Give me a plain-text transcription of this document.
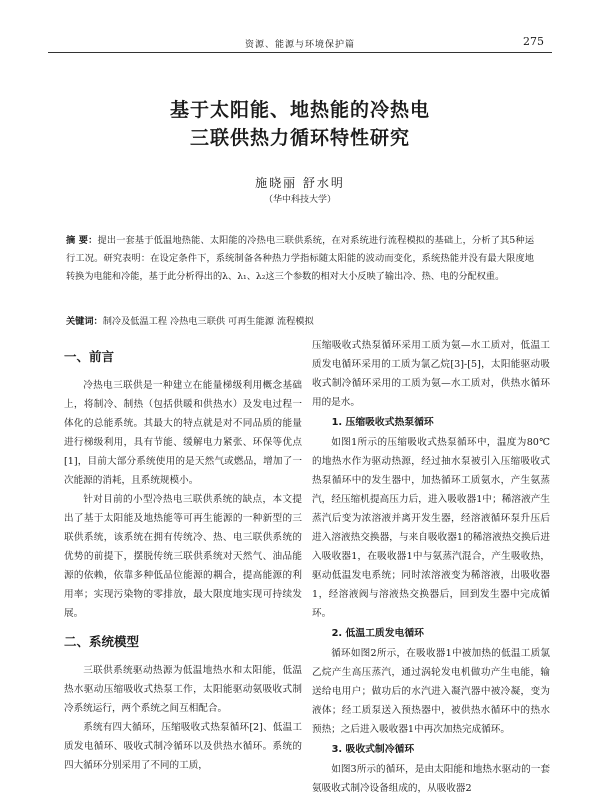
资源、能源与环境保护篇	275
基于太阳能、地热能的冷热电
三联供热力循环特性研究
施晓丽 舒水明
（华中科技大学）
摘 要：提出一套基于低温地热能、太阳能的冷热电三联供系统，在对系统进行流程模拟的基础上，分析了其5种运行工况。研究表明：在设定条件下，系统制备各种热力学指标随太阳能的波动而变化，系统热能并没有最大限度地转换为电能和冷能，基于此分析得出的λ、λ₁、λ₂这三个参数的相对大小反映了输出冷、热、电的分配权重。
关键词：制冷及低温工程 冷热电三联供 可再生能源 流程模拟
一、前言

冷热电三联供是一种建立在能量梯级利用概念基础上，将制冷、制热（包括供暖和供热水）及发电过程一体化的总能系统。其最大的特点就是对不同品质的能量进行梯级利用，具有节能、缓解电力紧张、环保等优点[1]，目前大部分系统使用的是天然气或燃品，增加了一次能源的消耗，且系统规模小。

针对目前的小型冷热电三联供系统的缺点，本文提出了基于太阳能及地热能等可再生能源的一种新型的三联供系统，该系统在拥有传统冷、热、电三联供系统的优势的前提下，摆脱传统三联供系统对天然气、油品能源的依赖，依靠多种低品位能源的耦合，提高能源的利用率；实现污染物的零排放，最大限度地实现可持续发展。

二、系统模型

三联供系统驱动热源为低温地热水和太阳能，低温热水驱动压缩吸收式热泵工作，太阳能驱动氨吸收式制冷系统运行，两个系统之间互相配合。

系统有四大循环，压缩吸收式热泵循环[2]、低温工质发电循环、吸收式制冷循环以及供热水循环。系统的四大循环分别采用了不同的工质，

压缩吸收式热泵循环采用工质为氨—水工质对，低温工质发电循环采用的工质为氯乙烷[3]-[5]，太阳能驱动吸收式制冷循环采用的工质为氨—水工质对，供热水循环用的是水。

1. 压缩吸收式热泵循环

如图1所示的压缩吸收式热泵循环中，温度为80℃的地热水作为驱动热源，经过抽水泵被引入压缩吸收式热泵循环中的发生器中，加热循环工质氨水，产生氨蒸汽，经压缩机提高压力后，进入吸收器1中；稀溶液产生蒸汽后变为浓溶液并离开发生器，经溶液循环泵升压后进入溶液热交换器，与来自吸收器1的稀溶液热交换后进入吸收器1，在吸收器1中与氨蒸汽混合，产生吸收热，驱动低温发电系统；同时浓溶液变为稀溶液，出吸收器1，经溶液阀与溶液热交换器后，回到发生器中完成循环。

2. 低温工质发电循环

循环如图2所示，在吸收器1中被加热的低温工质氯乙烷产生高压蒸汽，通过涡轮发电机做功产生电能，输送给电用户；做功后的水汽进入凝汽器中被冷凝，变为液体；经工质泵送入预热器中，被供热水循环中的热水预热；之后进入吸收器1中再次加热完成循环。

3. 吸收式制冷循环

如图3所示的循环，是由太阳能和地热水驱动的一套氨吸收式制冷设备组成的，从吸收器2
